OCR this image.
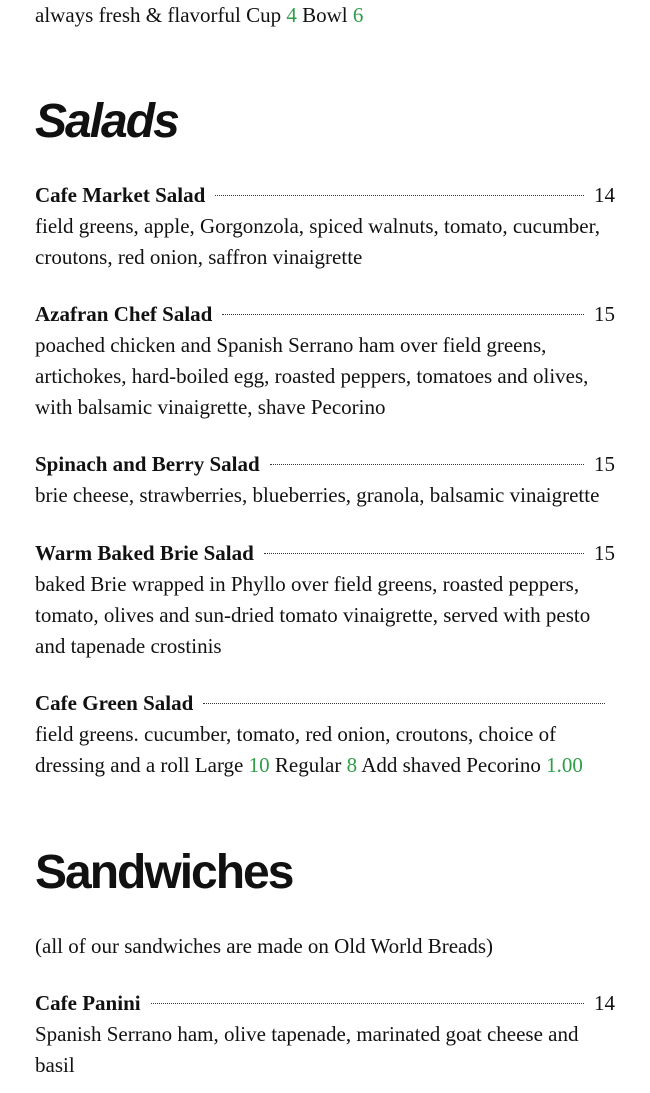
always fresh & flavorful Cup 4 Bowl 6
Salads
Cafe Market Salad	14

field greens, apple, Gorgonzola, spiced walnuts, tomato, cucumber, croutons, red onion, saffron vinaigrette

Azafran Chef Salad	15

poached chicken and Spanish Serrano ham over field greens, artichokes, hard-boiled egg, roasted peppers, tomatoes and olives, with balsamic vinaigrette, shave Pecorino

Spinach and Berry Salad	15

brie cheese, strawberries, blueberries, granola, balsamic vinaigrette

Warm Baked Brie Salad	15

baked Brie wrapped in Phyllo over field greens, roasted peppers, tomato, olives and sun-dried tomato vinaigrette, served with pesto and tapenade crostinis

Cafe Green Salad

field greens. cucumber, tomato, red onion, croutons, choice of dressing and a roll Large 10 Regular 8 Add shaved Pecorino 1.00

Sandwiches
(all of our sandwiches are made on Old World Breads)
Cafe Panini	14

Spanish Serrano ham, olive tapenade, marinated goat cheese and basil
